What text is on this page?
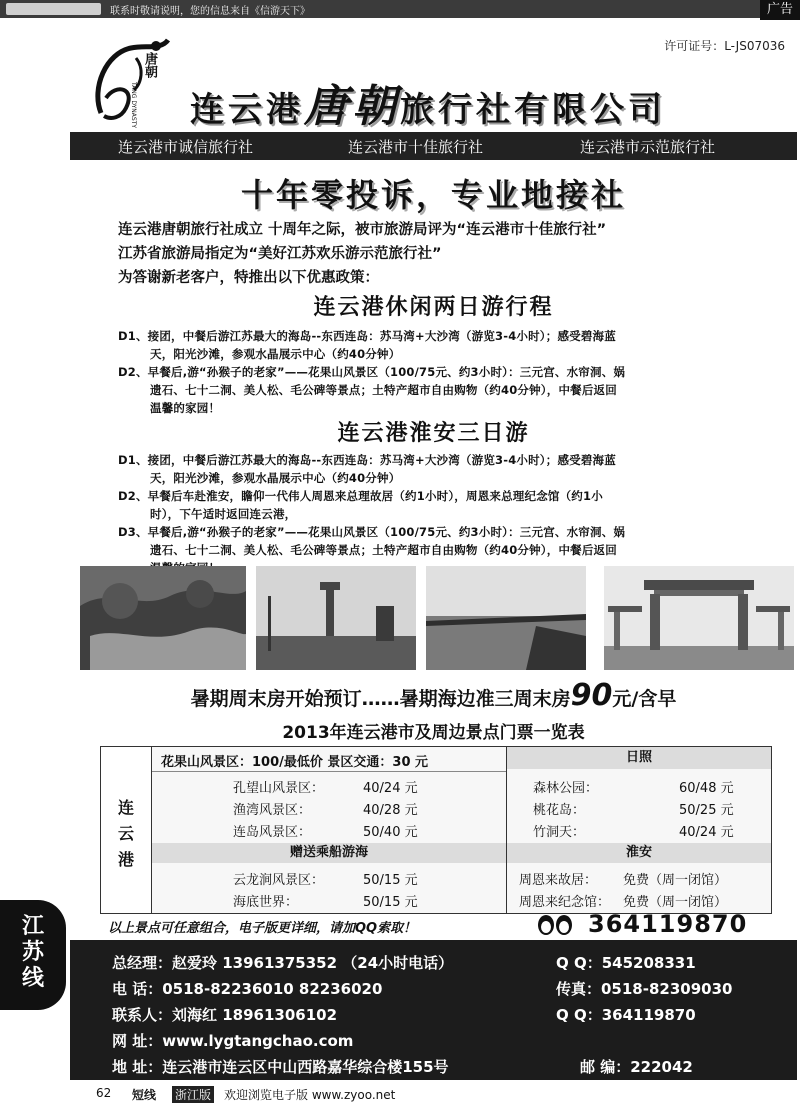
联系时敬请说明，您的信息来自《信游天下》	广告
许可证号：L-JS07036
唐朝
TANG DYNASTY 连云港唐朝旅行社有限公司
连云港市诚信旅行社	连云港市十佳旅行社	连云港市示范旅行社
十年零投诉，专业地接社
连云港唐朝旅行社成立 十周年之际，被市旅游局评为“连云港市十佳旅行社”
江苏省旅游局指定为“美好江苏欢乐游示范旅行社”
为答谢新老客户，特推出以下优惠政策：
连云港休闲两日游行程
D1、接团，中餐后游江苏最大的海岛--东西连岛：苏马湾+大沙湾（游览3-4小时）；感受碧海蓝
天，阳光沙滩，参观水晶展示中心（约40分钟）
D2、早餐后,游“孙猴子的老家”——花果山风景区（100/75元、约3小时）：三元宫、水帘洞、娲
遗石、七十二洞、美人松、毛公碑等景点；土特产超市自由购物（约40分钟），中餐后返回
温馨的家园！
连云港淮安三日游
D1、接团，中餐后游江苏最大的海岛--东西连岛：苏马湾+大沙湾（游览3-4小时）；感受碧海蓝
天，阳光沙滩，参观水晶展示中心（约40分钟）
D2、早餐后车赴淮安，瞻仰一代伟人周恩来总理故居（约1小时），周恩来总理纪念馆（约1小
时），下午适时返回连云港，
D3、早餐后,游“孙猴子的老家”——花果山风景区（100/75元、约3小时）：三元宫、水帘洞、娲
遗石、七十二洞、美人松、毛公碑等景点；土特产超市自由购物（约40分钟），中餐后返回
暑期周末房开始预订……暑期海边准三周末房90元/含早
2013年连云港市及周边景点门票一览表
连
云
港
花果山风景区：100/最低价 景区交通：30 元
孔望山风景区：	40/24 元
渔湾风景区：	40/28 元
连岛风景区：	50/40 元
赠送乘船游海
云龙涧风景区：	50/15 元
海底世界：	50/15 元
日照
森林公园：	60/48 元
桃花岛：	50/25 元
竹洞天：	40/24 元
淮安
周恩来故居： 免费（周一闭馆）
周恩来纪念馆： 免费（周一闭馆）
以上景点可任意组合，电子版更详细，请加QQ索取！	364119870
总经理：赵爱玲 13961375352 （24小时电话）	Q Q：545208331
电 话：0518-82236010 82236020	传真：0518-82309030
联系人：刘海红 18961306102	Q Q：364119870
网 址：www.lygtangchao.com
地 址：连云港市连云区中山西路嘉华综合楼155号	邮 编：222042
江
苏
线
62 短线 浙江版 欢迎浏览电子版 www.zyoo.net
